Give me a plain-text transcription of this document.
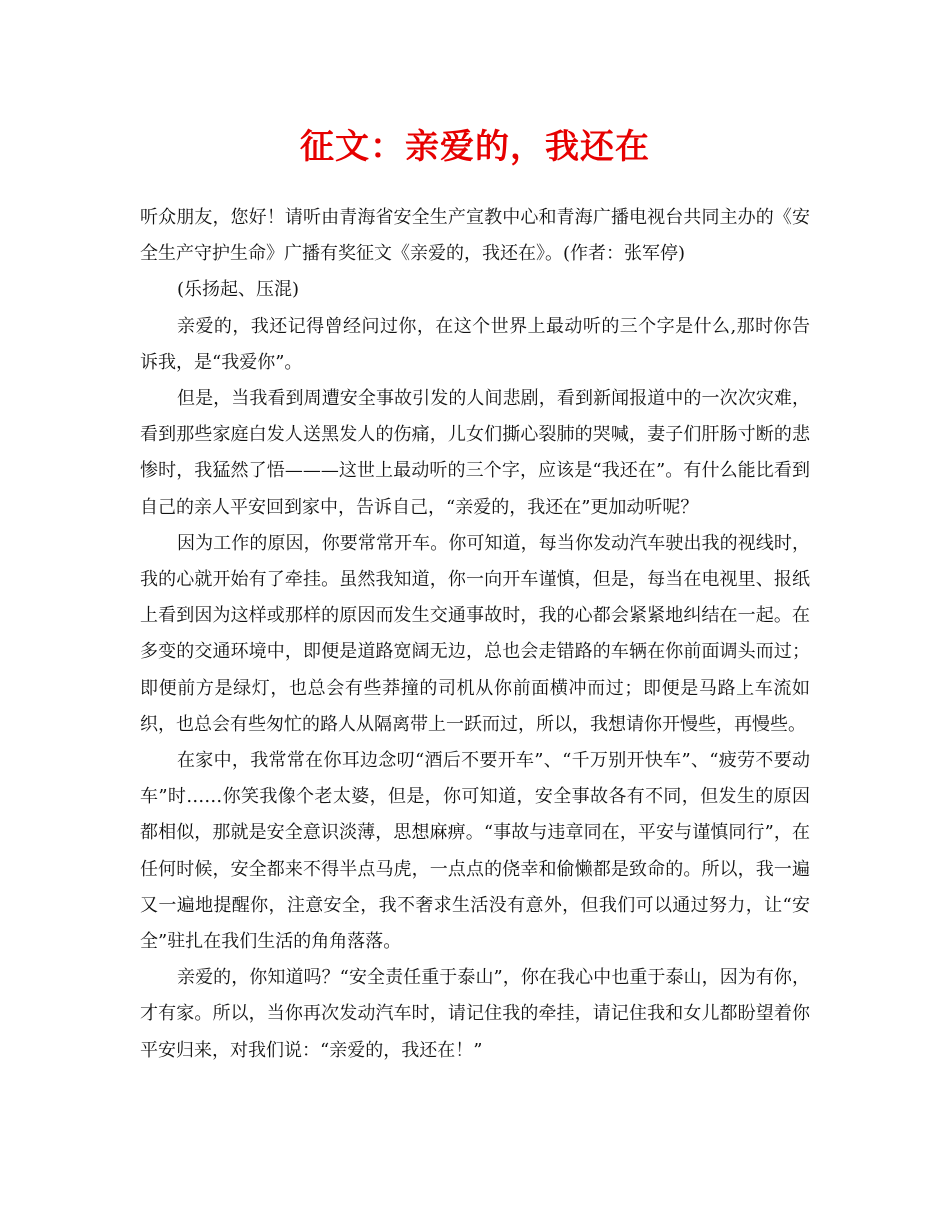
征文：亲爱的，我还在

听众朋友，您好！请听由青海省安全生产宣教中心和青海广播电视台共同主办的《安全生产守护生命》广播有奖征文《亲爱的，我还在》。(作者：张军停)

(乐扬起、压混)

亲爱的，我还记得曾经问过你，在这个世界上最动听的三个字是什么,那时你告诉我，是“我爱你”。

但是，当我看到周遭安全事故引发的人间悲剧，看到新闻报道中的一次次灾难，看到那些家庭白发人送黑发人的伤痛，儿女们撕心裂肺的哭喊，妻子们肝肠寸断的悲惨时，我猛然了悟———这世上最动听的三个字，应该是“我还在”。有什么能比看到自己的亲人平安回到家中，告诉自己，“亲爱的，我还在”更加动听呢？

因为工作的原因，你要常常开车。你可知道，每当你发动汽车驶出我的视线时，我的心就开始有了牵挂。虽然我知道，你一向开车谨慎，但是，每当在电视里、报纸上看到因为这样或那样的原因而发生交通事故时，我的心都会紧紧地纠结在一起。在多变的交通环境中，即便是道路宽阔无边，总也会走错路的车辆在你前面调头而过；即便前方是绿灯，也总会有些莽撞的司机从你前面横冲而过；即便是马路上车流如织，也总会有些匆忙的路人从隔离带上一跃而过，所以，我想请你开慢些，再慢些。

在家中，我常常在你耳边念叨“酒后不要开车”、“千万别开快车”、“疲劳不要动车”时……你笑我像个老太婆，但是，你可知道，安全事故各有不同，但发生的原因都相似，那就是安全意识淡薄，思想麻痹。“事故与违章同在，平安与谨慎同行”，在任何时候，安全都来不得半点马虎，一点点的侥幸和偷懒都是致命的。所以，我一遍又一遍地提醒你，注意安全，我不奢求生活没有意外，但我们可以通过努力，让“安全”驻扎在我们生活的角角落落。

亲爱的，你知道吗？“安全责任重于泰山”，你在我心中也重于泰山，因为有你，才有家。所以，当你再次发动汽车时，请记住我的牵挂，请记住我和女儿都盼望着你平安归来，对我们说：“亲爱的，我还在！”
